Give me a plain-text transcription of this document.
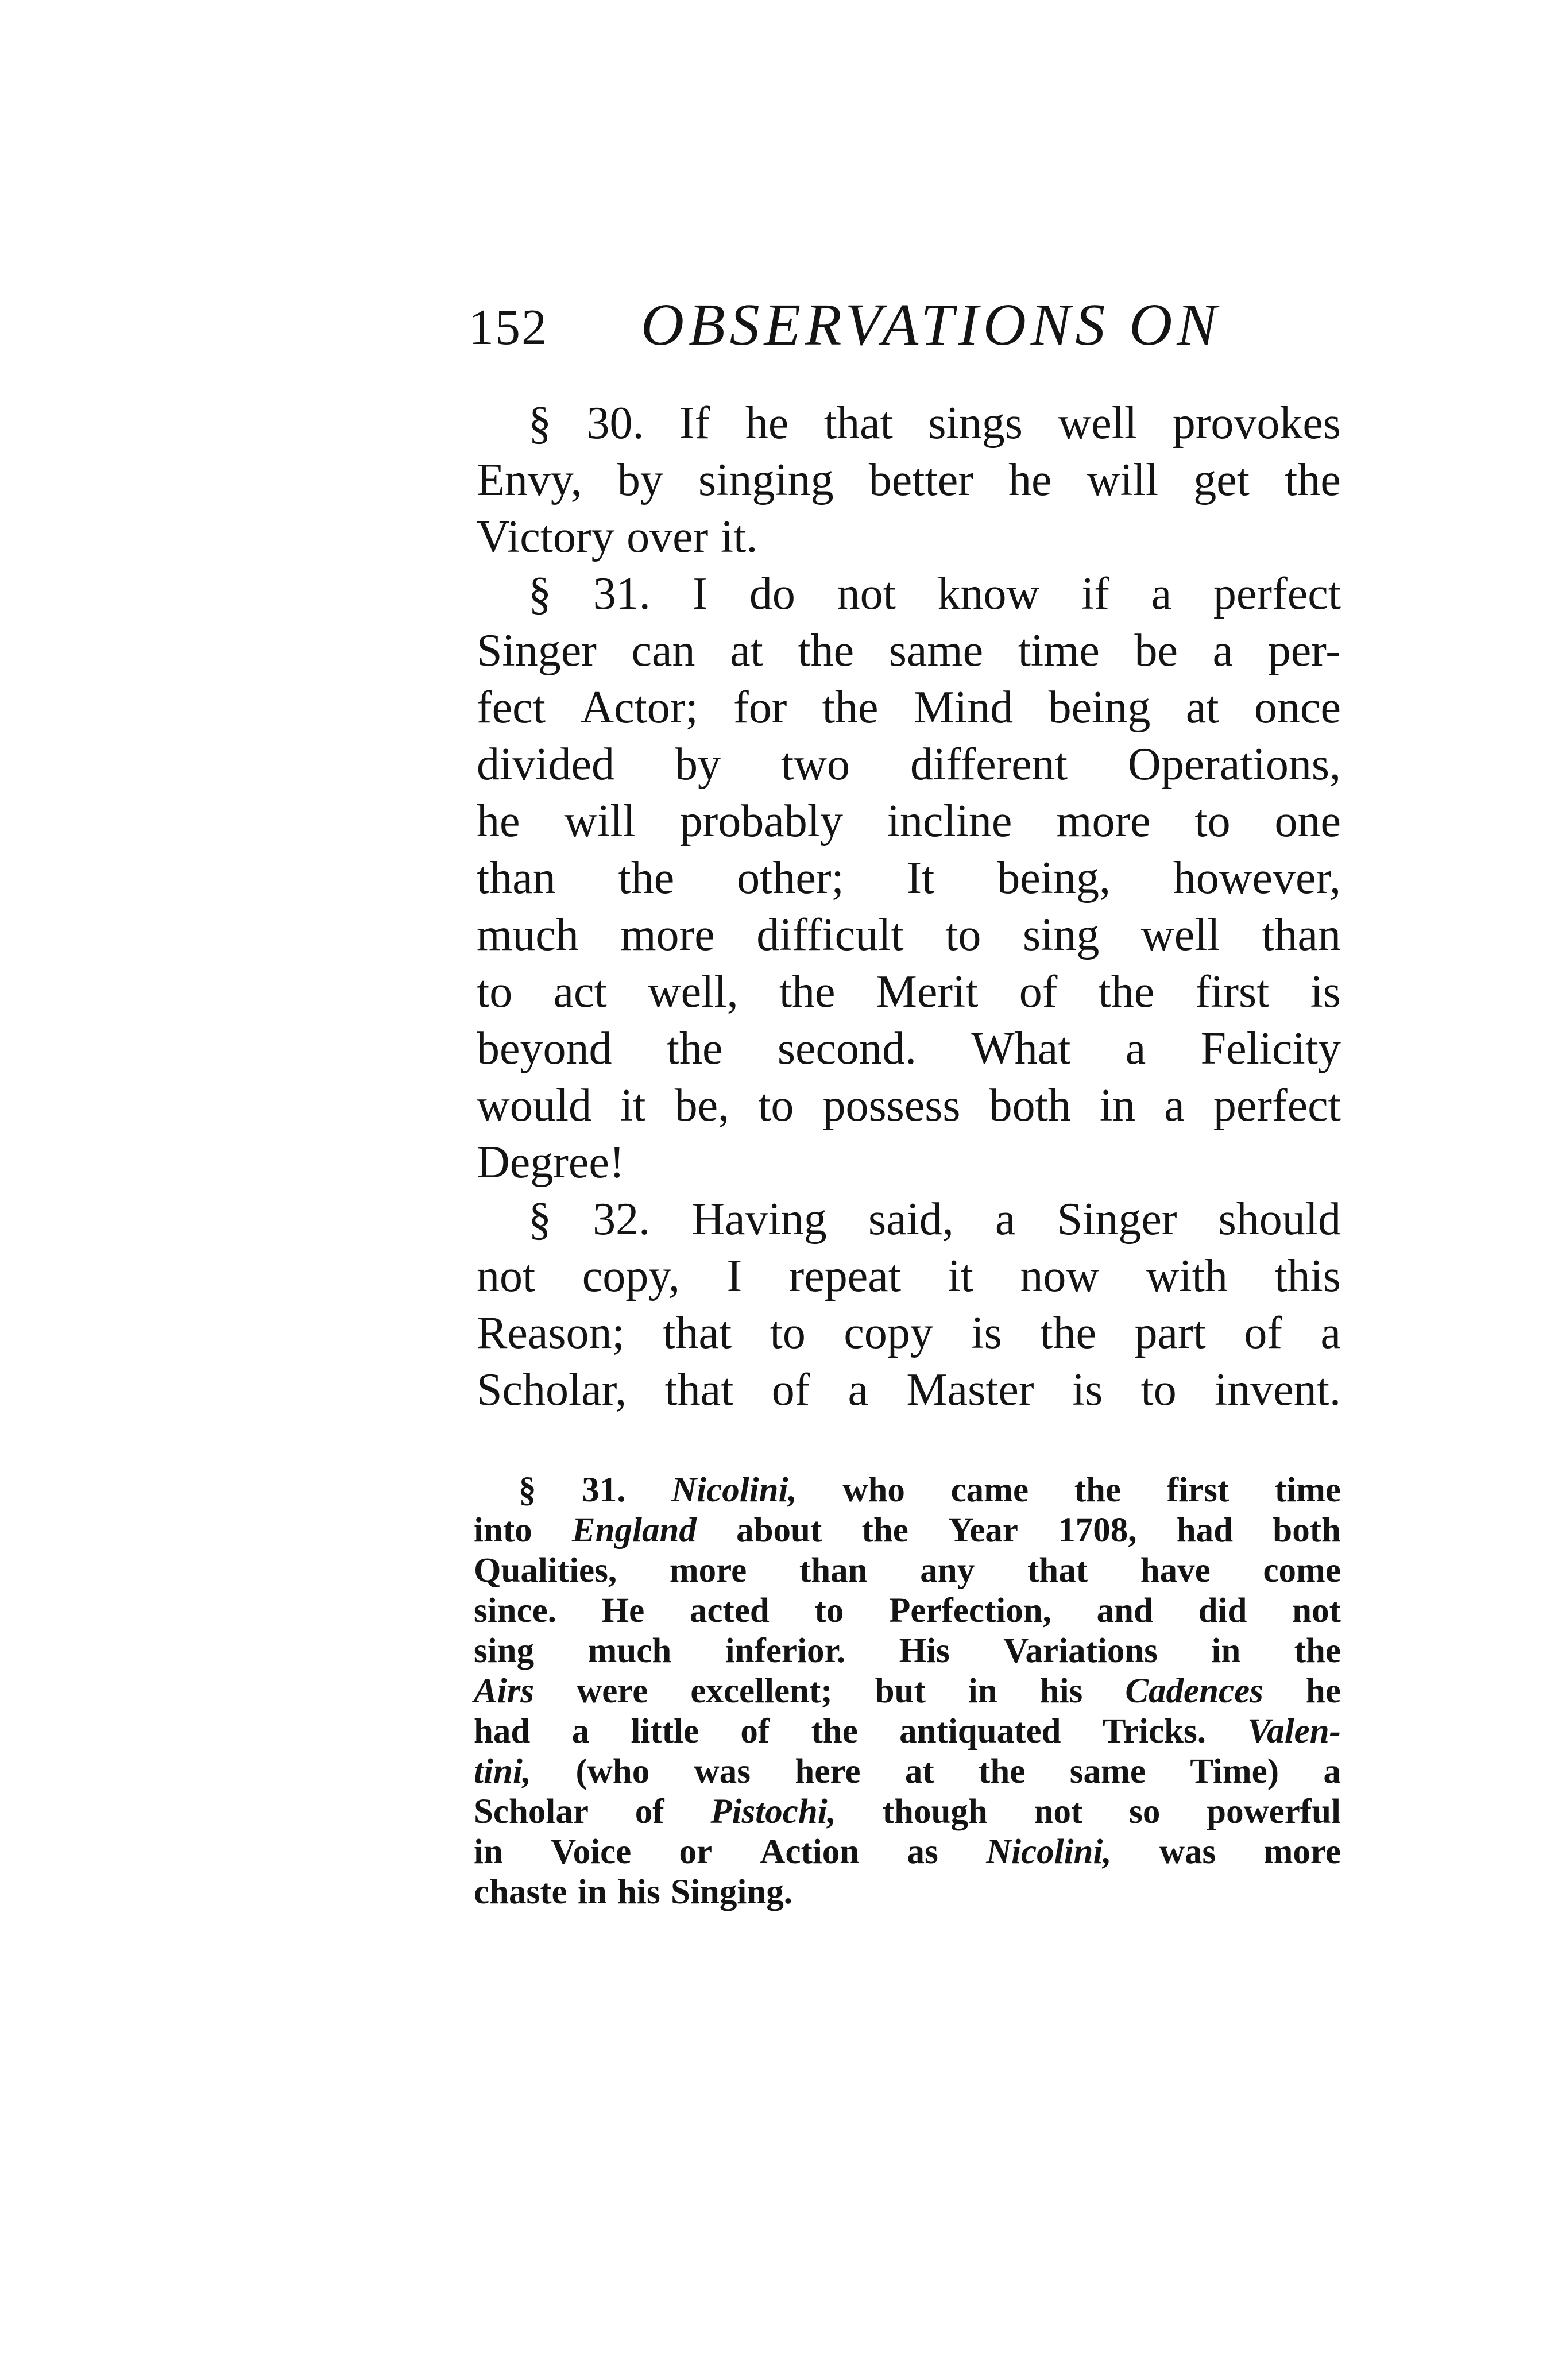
152 OBSERVATIONS ON
§ 30. If he that sings well provokes
Envy, by singing better he will get the
Victory over it.
§ 31. I do not know if a perfect
Singer can at the same time be a per-
fect Actor; for the Mind being at once
divided by two different Operations,
he will probably incline more to one
than the other; It being, however,
much more difficult to sing well than
to act well, the Merit of the first is
beyond the second. What a Felicity
would it be, to possess both in a perfect
Degree!
§ 32. Having said, a Singer should
not copy, I repeat it now with this
Reason; that to copy is the part of a
Scholar, that of a Master is to invent.
§ 31. Nicolini, who came the first time
into England about the Year 1708, had both
Qualities, more than any that have come
since. He acted to Perfection, and did not
sing much inferior. His Variations in the
Airs were excellent; but in his Cadences he
had a little of the antiquated Tricks. Valen-
tini, (who was here at the same Time) a
Scholar of Pistochi, though not so powerful
in Voice or Action as Nicolini, was more
chaste in his Singing.
